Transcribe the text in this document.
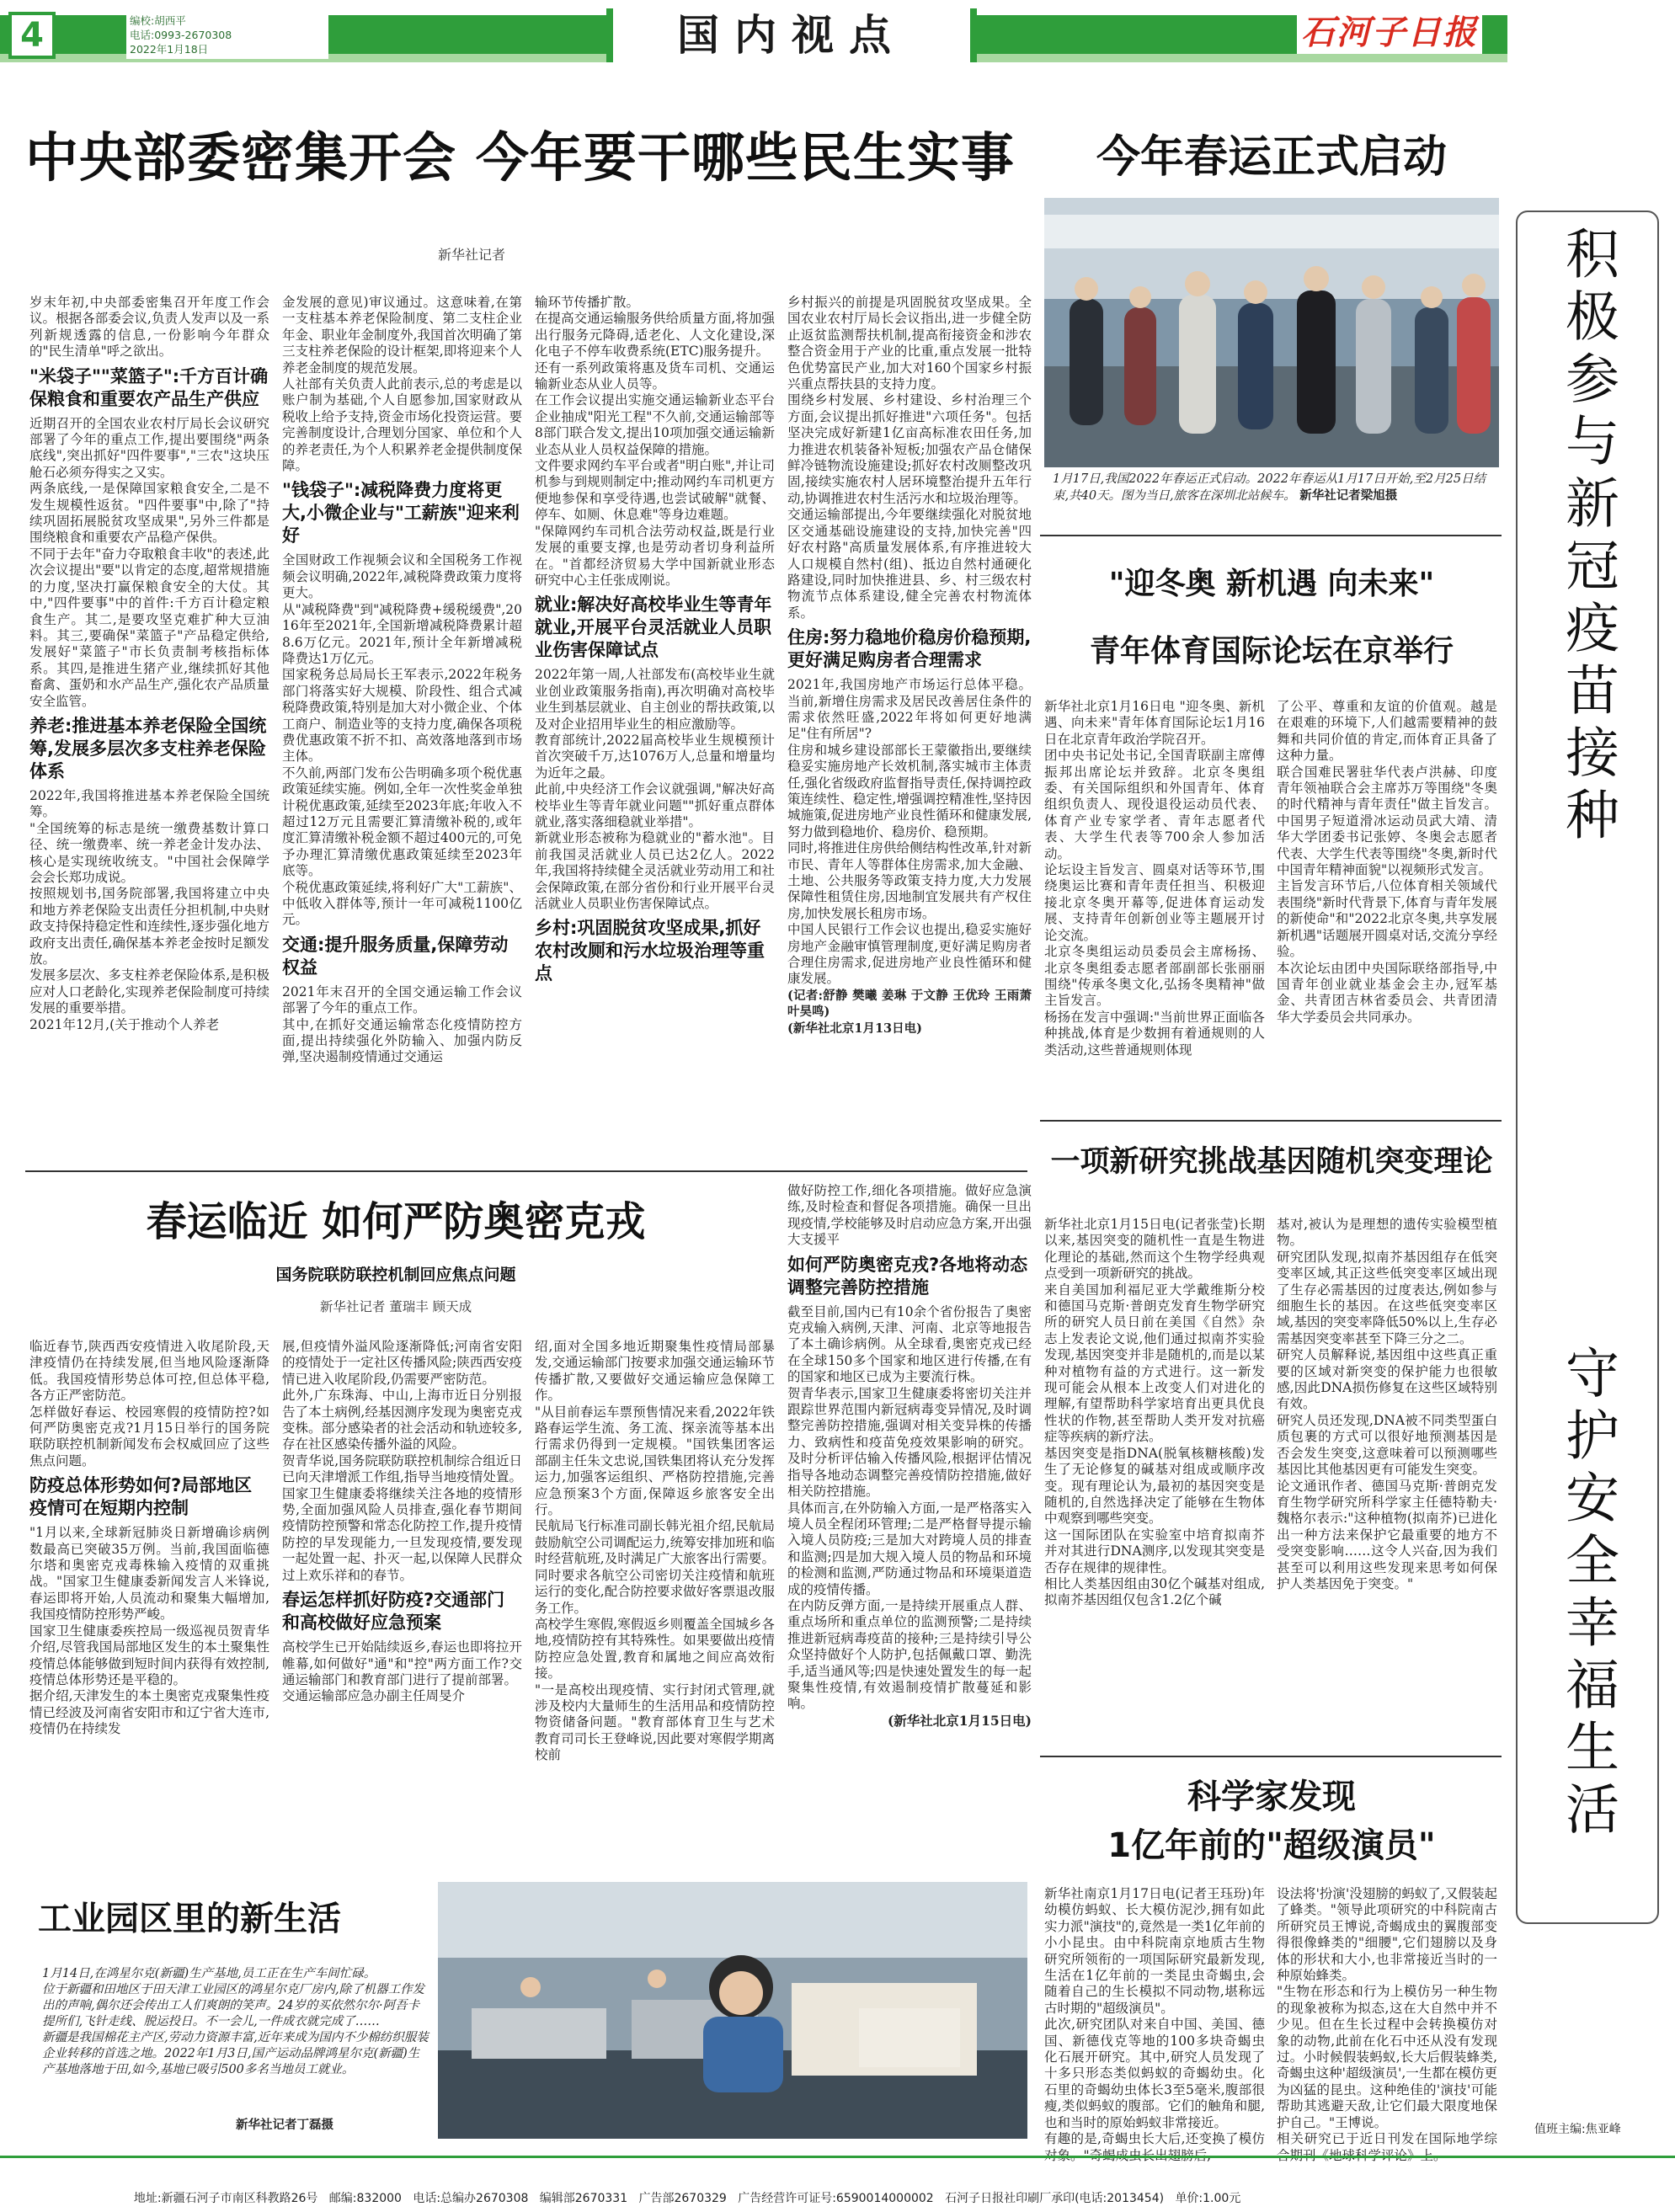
4	编校:胡西平
电话:0993-2670308
2022年1月18日	国内视点	石河子日报
积极参与新冠疫苗接种
守护安全幸福生活
值班主编:焦亚峰
中央部委密集开会 今年要干哪些民生实事
新华社记者
岁末年初,中央部委密集召开年度工作会议。根据各部委会议,负责人发声以及一系列新规透露的信息,一份影响今年群众的"民生清单"呼之欲出。
"米袋子""菜篮子":千方百计确保粮食和重要农产品生产供应
近期召开的全国农业农村厅局长会议研究部署了今年的重点工作,提出要围绕"两条底线",突出抓好"四件要事","三农"这块压舱石必须夯得实之又实。
两条底线,一是保障国家粮食安全,二是不发生规模性返贫。"四件要事"中,除了"持续巩固拓展脱贫攻坚成果",另外三件都是围绕粮食和重要农产品稳产保供。
不同于去年"奋力夺取粮食丰收"的表述,此次会议提出"要"以肯定的态度,超常规措施的力度,坚决打赢保粮食安全的大仗。其中,"四件要事"中的首件:千方百计稳定粮食生产。其二,是要攻坚克难扩种大豆油料。其三,要确保"菜篮子"产品稳定供给,发展好"菜篮子"市长负责制考核指标体系。其四,是推进生猪产业,继续抓好其他畜禽、蛋奶和水产品生产,强化农产品质量安全监管。
养老:推进基本养老保险全国统筹,发展多层次多支柱养老保险体系
2022年,我国将推进基本养老保险全国统筹。
"全国统筹的标志是统一缴费基数计算口径、统一缴费率、统一养老金计发办法、核心是实现统收统支。"中国社会保障学会会长郑功成说。
按照规划书,国务院部署,我国将建立中央和地方养老保险支出责任分担机制,中央财政支持保持稳定性和连续性,逐步强化地方政府支出责任,确保基本养老金按时足额发放。
发展多层次、多支柱养老保险体系,是积极应对人口老龄化,实现养老保险制度可持续发展的重要举措。
2021年12月,(关于推动个人养老
金发展的意见)审议通过。这意味着,在第一支柱基本养老保险制度、第二支柱企业年金、职业年金制度外,我国首次明确了第三支柱养老保险的设计框架,即将迎来个人养老金制度的规范发展。
人社部有关负责人此前表示,总的考虑是以账户制为基础,个人自愿参加,国家财政从税收上给予支持,资金市场化投资运营。要完善制度设计,合理划分国家、单位和个人的养老责任,为个人积累养老金提供制度保障。
"钱袋子":减税降费力度将更大,小微企业与"工薪族"迎来利好
全国财政工作视频会议和全国税务工作视频会议明确,2022年,减税降费政策力度将更大。
从"减税降费"到"减税降费+缓税缓费",2016年至2021年,全国新增减税降费累计超8.6万亿元。2021年,预计全年新增减税降费达1万亿元。
国家税务总局局长王军表示,2022年税务部门将落实好大规模、阶段性、组合式减税降费政策,特别是加大对小微企业、个体工商户、制造业等的支持力度,确保各项税费优惠政策不折不扣、高效落地落到市场主体。
不久前,两部门发布公告明确多项个税优惠政策延续实施。例如,全年一次性奖金单独计税优惠政策,延续至2023年底;年收入不超过12万元且需要汇算清缴补税的,或年度汇算清缴补税金额不超过400元的,可免予办理汇算清缴优惠政策延续至2023年底等。
个税优惠政策延续,将利好广大"工薪族"、中低收入群体等,预计一年可减税1100亿元。
交通:提升服务质量,保障劳动权益
2021年末召开的全国交通运输工作会议部署了今年的重点工作。
其中,在抓好交通运输常态化疫情防控方面,提出持续强化外防输入、加强内防反弹,坚决遏制疫情通过交通运
输环节传播扩散。
在提高交通运输服务供给质量方面,将加强出行服务元降碍,适老化、人文化建设,深化电子不停车收费系统(ETC)服务提升。
还有一系列政策将惠及货车司机、交通运输新业态从业人员等。
在工作会议提出实施交通运输新业态平台企业抽成"阳光工程"不久前,交通运输部等8部门联合发文,提出10项加强交通运输新业态从业人员权益保障的措施。
文件要求网约车平台或者"明白账",并让司机参与到规则制定中;推动网约车司机更方便地参保和享受待遇,也尝试破解"就餐、停车、如厕、休息难"等身边难题。
"保障网约车司机合法劳动权益,既是行业发展的重要支撑,也是劳动者切身利益所在。"首都经济贸易大学中国新就业形态研究中心主任张成刚说。
就业:解决好高校毕业生等青年就业,开展平台灵活就业人员职业伤害保障试点
2022年第一周,人社部发布(高校毕业生就业创业政策服务指南),再次明确对高校毕业生到基层就业、自主创业的帮扶政策,以及对企业招用毕业生的相应激励等。
教育部统计,2022届高校毕业生规模预计首次突破千万,达1076万人,总量和增量均为近年之最。
此前,中央经济工作会议就强调,"解决好高校毕业生等青年就业问题""抓好重点群体就业,落实落细稳就业举措"。
新就业形态被称为稳就业的"蓄水池"。目前我国灵活就业人员已达2亿人。2022年,我国将持续健全灵活就业劳动用工和社会保障政策,在部分省份和行业开展平台灵活就业人员职业伤害保障试点。
乡村:巩固脱贫攻坚成果,抓好农村改厕和污水垃圾治理等重点
乡村振兴的前提是巩固脱贫攻坚成果。全国农业农村厅局长会议指出,进一步健全防止返贫监测帮扶机制,提高衔接资金和涉农整合资金用于产业的比重,重点发展一批特色优势富民产业,加大对160个国家乡村振兴重点帮扶县的支持力度。
围绕乡村发展、乡村建设、乡村治理三个方面,会议提出抓好推进"六项任务"。包括坚决完成好新建1亿亩高标准农田任务,加力推进农机装备补短板;加强农产品仓储保鲜冷链物流设施建设;抓好农村改厕整改巩固,接续实施农村人居环境整治提升五年行动,协调推进农村生活污水和垃圾治理等。
交通运输部提出,今年要继续强化对脱贫地区交通基础设施建设的支持,加快完善"四好农村路"高质量发展体系,有序推进较大人口规模自然村(组)、抵边自然村通硬化路建设,同时加快推进县、乡、村三级农村物流节点体系建设,健全完善农村物流体系。
住房:努力稳地价稳房价稳预期,更好满足购房者合理需求
2021年,我国房地产市场运行总体平稳。当前,新增住房需求及居民改善居住条件的需求依然旺盛,2022年将如何更好地满足"住有所居"?
住房和城乡建设部部长王蒙徽指出,要继续稳妥实施房地产长效机制,落实城市主体责任,强化省级政府监督指导责任,保持调控政策连续性、稳定性,增强调控精准性,坚持因城施策,促进房地产业良性循环和健康发展,努力做到稳地价、稳房价、稳预期。
同时,将推进住房供给侧结构性改革,针对新市民、青年人等群体住房需求,加大金融、土地、公共服务等政策支持力度,大力发展保障性租赁住房,因地制宜发展共有产权住房,加快发展长租房市场。
中国人民银行工作会议也提出,稳妥实施好房地产金融审慎管理制度,更好满足购房者合理住房需求,促进房地产业良性循环和健康发展。
(记者:舒静 樊曦 姜琳 于文静 王优玲 王雨萧 叶昊鸣)
(新华社北京1月13日电)
今年春运正式启动
1月17日,我国2022年春运正式启动。2022年春运从1月17日开始,至2月25日结束,共40天。图为当日,旅客在深圳北站候车。 新华社记者梁旭摄
"迎冬奥 新机遇 向未来"
青年体育国际论坛在京举行
新华社北京1月16日电 "迎冬奥、新机遇、向未来"青年体育国际论坛1月16日在北京青年政治学院召开。
团中央书记处书记,全国青联副主席傅振邦出席论坛并致辞。北京冬奥组委、有关国际组织和外国青年、体育组织负责人、现役退役运动员代表、体育产业专家学者、青年志愿者代表、大学生代表等700余人参加活动。
论坛设主旨发言、圆桌对话等环节,围绕奥运比赛和青年责任担当、积极迎接北京冬奥开幕等,促进体育运动发展、支持青年创新创业等主题展开讨论交流。
北京冬奥组运动员委员会主席杨扬、北京冬奥组委志愿者部副部长张丽丽围绕"传承冬奥文化,弘扬冬奥精神"做主旨发言。
杨扬在发言中强调:"当前世界正面临各种挑战,体育是少数拥有着通规则的人类活动,这些普通规则体现
了公平、尊重和友谊的价值观。越是在艰难的环境下,人们越需要精神的鼓舞和共同价值的肯定,而体育正具备了这种力量。
联合国难民署驻华代表卢洪赫、印度青年领袖联合会主席苏万等围绕"冬奥的时代精神与青年责任"做主旨发言。中国男子短道滑冰运动员武大靖、清华大学团委书记张婷、冬奥会志愿者代表、大学生代表等围绕"冬奥,新时代中国青年精神面貌"以视频形式发言。
主旨发言环节后,八位体育相关领域代表围绕"新时代背景下,体育与青年发展的新使命"和"2022北京冬奥,共享发展新机遇"话题展开圆桌对话,交流分享经验。
本次论坛由团中央国际联络部指导,中国青年创业就业基金会主办,冠军基金、共青团吉林省委员会、共青团清华大学委员会共同承办。
一项新研究挑战基因随机突变理论
新华社北京1月15日电(记者张莹)长期以来,基因突变的随机性一直是生物进化理论的基础,然而这个生物学经典观点受到一项新研究的挑战。
来自美国加利福尼亚大学戴维斯分校和德国马克斯·普朗克发育生物学研究所的研究人员日前在美国《自然》杂志上发表论文说,他们通过拟南芥实验发现,基因突变并非是随机的,而是以某种对植物有益的方式进行。这一新发现可能会从根本上改变人们对进化的理解,有望帮助科学家培育出更具优良性状的作物,甚至帮助人类开发对抗癌症等疾病的新疗法。
基因突变是指DNA(脱氧核糖核酸)发生了无论修复的碱基对组成或顺序改变。现有理论认为,最初的基因突变是随机的,自然选择决定了能够在生物体中观察到哪些突变。
这一国际团队在实验室中培育拟南芥并对其进行DNA测序,以发现其突变是否存在规律的规律性。
相比人类基因组由30亿个碱基对组成,拟南芥基因组仅包含1.2亿个碱
基对,被认为是理想的遗传实验模型植物。
研究团队发现,拟南芥基因组存在低突变率区域,其正这些低突变率区域出现了生存必需基因的过度表达,例如参与细胞生长的基因。在这些低突变率区域,基因的突变率降低50%以上,生存必需基因突变率甚至下降三分之二。
研究人员解释说,基因组中这些真正重要的区域对新突变的保护能力也很敏感,因此DNA损伤修复在这些区域特别有效。
研究人员还发现,DNA被不同类型蛋白质包裹的方式可以很好地预测基因是否会发生突变,这意味着可以预测哪些基因比其他基因更有可能发生突变。
论文通讯作者、德国马克斯·普朗克发育生物学研究所科学家主任德特勒夫·魏格尔表示:"这种植物(拟南芥)已进化出一种方法来保护它最重要的地方不受突变影响……这令人兴奋,因为我们甚至可以利用这些发现来思考如何保护人类基因免于突变。"
科学家发现
1亿年前的"超级演员"
新华社南京1月17日电(记者王珏玢)年幼模仿蚂蚁、长大模仿泥沙,拥有如此实力派"演技"的,竟然是一类1亿年前的小小昆虫。由中科院南京地质古生物研究所领衔的一项国际研究最新发现,生活在1亿年前的一类昆虫奇蝎虫,会随着自己的生长模拟不同动物,堪称远古时期的"超级演员"。
此次,研究团队对来自中国、美国、德国、新德伐克等地的100多块奇蝎虫化石展开研究。其中,研究人员发现了十多只形态类似蚂蚁的奇蝎幼虫。化石里的奇蝎幼虫体长3至5毫米,腹部很瘦,类似蚂蚁的腹部。它们的触角和腿,也和当时的原始蚂蚁非常接近。
有趣的是,奇蝎虫长大后,还变换了模仿对象。"奇蝎成虫长出翅膀后,
设法将'扮演'没翅膀的蚂蚁了,又假装起了蜂类。"领导此项研究的中科院南古所研究员王博说,奇蝎成虫的翼腹部变得很像蜂类的"细腰",它们翅膀以及身体的形状和大小,也非常接近当时的一种原始蜂类。
"生物在形态和行为上模仿另一种生物的现象被称为拟态,这在大自然中并不少见。但在生长过程中会转换模仿对象的动物,此前在化石中还从没有发现过。小时候假装蚂蚁,长大后假装蜂类,奇蝎虫这种'超级演员',一生都在模仿更为凶猛的昆虫。这种绝佳的'演技'可能帮助其逃避天敌,让它们最大限度地保护自己。"王博说。
相关研究已于近日刊发在国际地学综合期刊《地球科学评论》上。
春运临近 如何严防奥密克戎
国务院联防联控机制回应焦点问题
新华社记者 董瑞丰 顾天成
临近春节,陕西西安疫情进入收尾阶段,天津疫情仍在持续发展,但当地风险逐渐降低。我国疫情形势总体可控,但总体平稳,各方正严密防范。
怎样做好春运、校园寒假的疫情防控?如何严防奥密克戎?1月15日举行的国务院联防联控机制新闻发布会权威回应了这些焦点问题。
防疫总体形势如何?局部地区疫情可在短期内控制
"1月以来,全球新冠肺炎日新增确诊病例数最高已突破35万例。当前,我国面临德尔塔和奥密克戎毒株输入疫情的双重挑战。"国家卫生健康委新闻发言人米锋说,春运即将开始,人员流动和聚集大幅增加,我国疫情防控形势严峻。
国家卫生健康委疾控局一级巡视员贺青华介绍,尽管我国局部地区发生的本土聚集性疫情总体能够做到短时间内获得有效控制,疫情总体形势还是平稳的。
据介绍,天津发生的本土奥密克戎聚集性疫情已经波及河南省安阳市和辽宁省大连市,疫情仍在持续发
展,但疫情外溢风险逐渐降低;河南省安阳的疫情处于一定社区传播风险;陕西西安疫情已进入收尾阶段,仍需要严密防范。
此外,广东珠海、中山,上海市近日分别报告了本土病例,经基因测序发现为奥密克戎变株。部分感染者的社会活动和轨迹较多,存在社区感染传播外溢的风险。
贺青华说,国务院联防联控机制综合组近日已向天津增派工作组,指导当地疫情处置。国家卫生健康委将继续关注各地的疫情形势,全面加强风险人员排查,强化春节期间疫情防控预警和常态化防控工作,提升疫情防控的早发现能力,一旦发现疫情,要发现一起处置一起、扑灭一起,以保障人民群众过上欢乐祥和的春节。
春运怎样抓好防疫?交通部门和高校做好应急预案
高校学生已开始陆续返乡,春运也即将拉开帷幕,如何做好"通"和"控"两方面工作?交通运输部门和教育部门进行了提前部署。
交通运输部应急办副主任周旻介
绍,面对全国多地近期聚集性疫情局部暴发,交通运输部门按要求加强交通运输环节传播扩散,又要做好交通运输应急保障工作。
"从目前春运车票预售情况来看,2022年铁路春运学生流、务工流、探亲流等基本出行需求仍得到一定规模。"国铁集团客运部副主任朱文忠说,国铁集团将认充分发挥运力,加强客运组织、严格防控措施,完善应急预案3个方面,保障返乡旅客安全出行。
民航局飞行标准司副长韩光祖介绍,民航局鼓励航空公司调配运力,统筹安排加班和临时经营航班,及时满足广大旅客出行需要。同时要求各航空公司密切关注疫情和航班运行的变化,配合防控要求做好客票退改服务工作。
高校学生寒假,寒假返乡则覆盖全国城乡各地,疫情防控有其特殊性。如果要做出疫情防控应急处置,教育和属地之间应高效衔接。
"一是高校出现疫情、实行封闭式管理,就涉及校内大量师生的生活用品和疫情防控物资储备问题。"教育部体育卫生与艺术教育司司长王登峰说,因此要对寒假学期离校前
做好防控工作,细化各项措施。做好应急演练,及时检查和督促各项措施。确保一旦出现疫情,学校能够及时启动应急方案,开出强大支援平
如何严防奥密克戎?各地将动态调整完善防控措施
截至目前,国内已有10余个省份报告了奥密克戎输入病例,天津、河南、北京等地报告了本土确诊病例。从全球看,奥密克戎已经在全球150多个国家和地区进行传播,在有的国家和地区已成为主要流行株。
贺青华表示,国家卫生健康委将密切关注并跟踪世界范围内新冠病毒变异情况,及时调整完善防控措施,强调对相关变异株的传播力、致病性和疫苗免疫效果影响的研究。及时分析评估输入传播风险,根据评估情况指导各地动态调整完善疫情防控措施,做好相关防控措施。
具体而言,在外防输入方面,一是严格落实入境人员全程闭环管理;二是严格督导提示输入境人员防疫;三是加大对跨境人员的排查和监测;四是加大规入境人员的物品和环境的检测和监测,严防通过物品和环境渠道造成的疫情传播。
在内防反弹方面,一是持续开展重点人群、重点场所和重点单位的监测预警;二是持续推进新冠病毒疫苗的接种;三是持续引导公众坚持做好个人防护,包括佩戴口罩、勤洗手,适当通风等;四是快速处置发生的每一起聚集性疫情,有效遏制疫情扩散蔓延和影响。
(新华社北京1月15日电)
工业园区里的新生活
1月14日,在鸿星尔克(新疆)生产基地,员工正在生产车间忙碌。
位于新疆和田地区于田天津工业园区的鸿星尔克厂房内,除了机器工作发出的声响,偶尔还会传出工人们爽朗的笑声。24岁的买依然尔尔·阿吾卡提所们,飞针走线、脱运投日。不一会儿,一件成衣就完成了……
新疆是我国棉花主产区,劳动力资源丰富,近年来成为国内不少棉纺织服装企业转移的首选之地。2022年1月3日,国产运动品牌鸿星尔克(新疆)生产基地落地于田,如今,基地已吸引500多名当地员工就业。
新华社记者丁磊摄

地址:新疆石河子市南区科教路26号 邮编:832000 电话:总编办2670308 编辑部2670331 广告部2670329 广告经营许可证号:6590014000002 石河子日报社印刷厂承印(电话:2013454) 单价:1.00元
